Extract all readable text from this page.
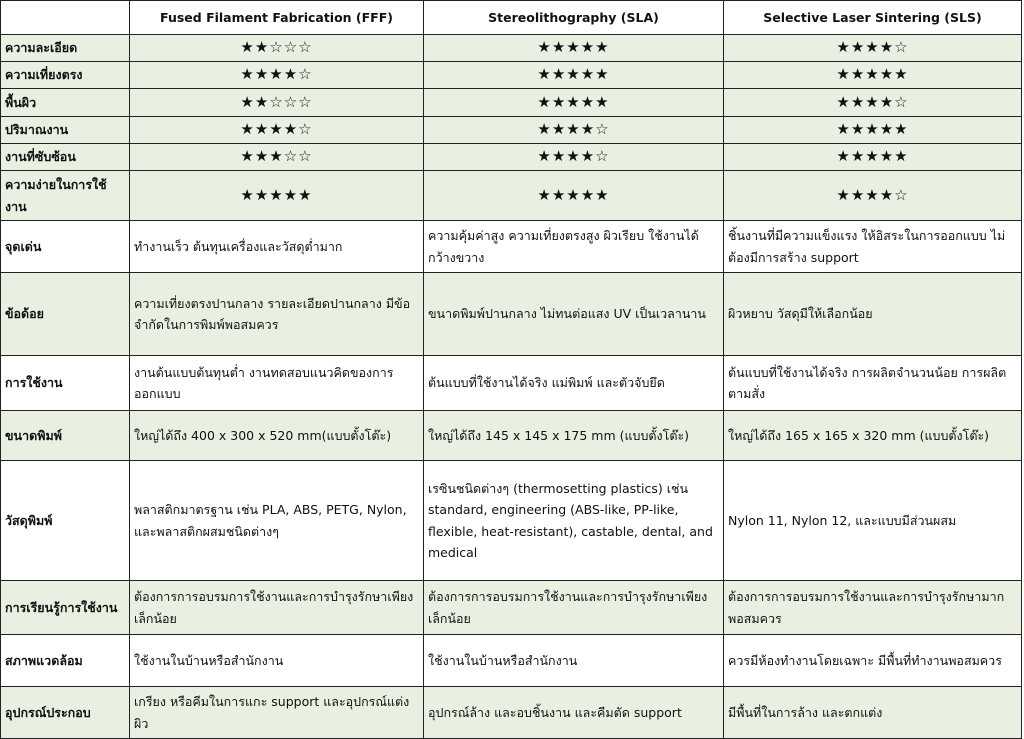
	Fused Filament Fabrication (FFF)	Stereolithography (SLA)	Selective Laser Sintering (SLS)
ความละเอียด	★★☆☆☆	★★★★★	★★★★☆
ความเที่ยงตรง	★★★★☆	★★★★★	★★★★★
พื้นผิว	★★☆☆☆	★★★★★	★★★★☆
ปริมาณงาน	★★★★☆	★★★★☆	★★★★★
งานที่ซับซ้อน	★★★☆☆	★★★★☆	★★★★★
ความง่ายในการใช้งาน	★★★★★	★★★★★	★★★★☆
จุดเด่น	ทำงานเร็ว ต้นทุนเครื่องและวัสดุต่ำมาก	ความคุ้มค่าสูง ความเที่ยงตรงสูง ผิวเรียบ ใช้งานได้กว้างขวาง	ชิ้นงานที่มีความแข็งแรง ให้อิสระในการออกแบบ ไม่ต้องมีการสร้าง support
ข้อด้อย	ความเที่ยงตรงปานกลาง รายละเอียดปานกลาง มีข้อจำกัดในการพิมพ์พอสมควร	ขนาดพิมพ์ปานกลาง ไม่ทนต่อแสง UV เป็นเวลานาน	ผิวหยาบ วัสดุมีให้เลือกน้อย
การใช้งาน	งานต้นแบบต้นทุนต่ำ งานทดสอบแนวคิดของการออกแบบ	ต้นแบบที่ใช้งานได้จริง แม่พิมพ์ และตัวจับยึด	ต้นแบบที่ใช้งานได้จริง การผลิตจำนวนน้อย การผลิตตามสั่ง
ขนาดพิมพ์	ใหญ่ได้ถึง 400 x 300 x 520 mm(แบบตั้งโต๊ะ)	ใหญ่ได้ถึง 145 x 145 x 175 mm (แบบตั้งโต๊ะ)	ใหญ่ได้ถึง 165 x 165 x 320 mm (แบบตั้งโต๊ะ)
วัสดุพิมพ์	พลาสติกมาตรฐาน เช่น PLA, ABS, PETG, Nylon, และพลาสติกผสมชนิดต่างๆ	เรซินชนิดต่างๆ (thermosetting plastics) เช่น standard, engineering (ABS-like, PP-like, flexible, heat-resistant), castable, dental, and medical	Nylon 11, Nylon 12, และแบบมีส่วนผสม
การเรียนรู้การใช้งาน	ต้องการการอบรมการใช้งานและการบำรุงรักษาเพียงเล็กน้อย	ต้องการการอบรมการใช้งานและการบำรุงรักษาเพียงเล็กน้อย	ต้องการการอบรมการใช้งานและการบำรุงรักษามากพอสมควร
สภาพแวดล้อม	ใช้งานในบ้านหรือสำนักงาน	ใช้งานในบ้านหรือสำนักงาน	ควรมีห้องทำงานโดยเฉพาะ มีพื้นที่ทำงานพอสมควร
อุปกรณ์ประกอบ	เกรียง หรือคีมในการแกะ support และอุปกรณ์แต่งผิว	อุปกรณ์ล้าง และอบชิ้นงาน และคีมตัด support	มีพื้นที่ในการล้าง และตกแต่ง
